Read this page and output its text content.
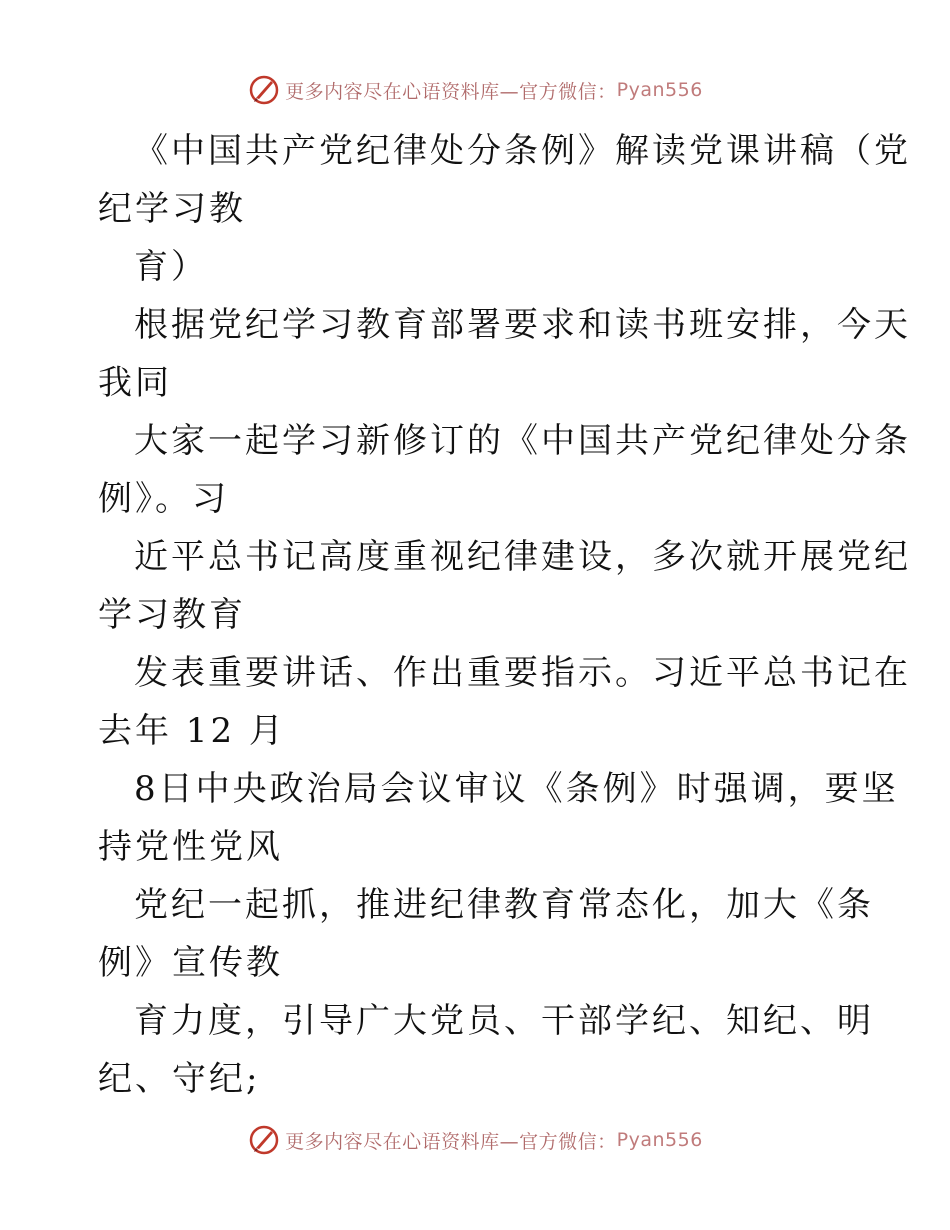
更多内容尽在心语资料库—官方微信： Pyan556
《中国共产党纪律处分条例》解读党课讲稿（党
纪学习教
育）
根据党纪学习教育部署要求和读书班安排，今天
我同
大家一起学习新修订的《中国共产党纪律处分条
例》。习
近平总书记高度重视纪律建设，多次就开展党纪
学习教育
发表重要讲话、作出重要指示。习近平总书记在
去年 12 月
8日中央政治局会议审议《条例》时强调，要坚
持党性党风
党纪一起抓，推进纪律教育常态化，加大《条
例》宣传教
育力度，引导广大党员、干部学纪、知纪、明
纪、守纪;
更多内容尽在心语资料库—官方微信： Pyan556
